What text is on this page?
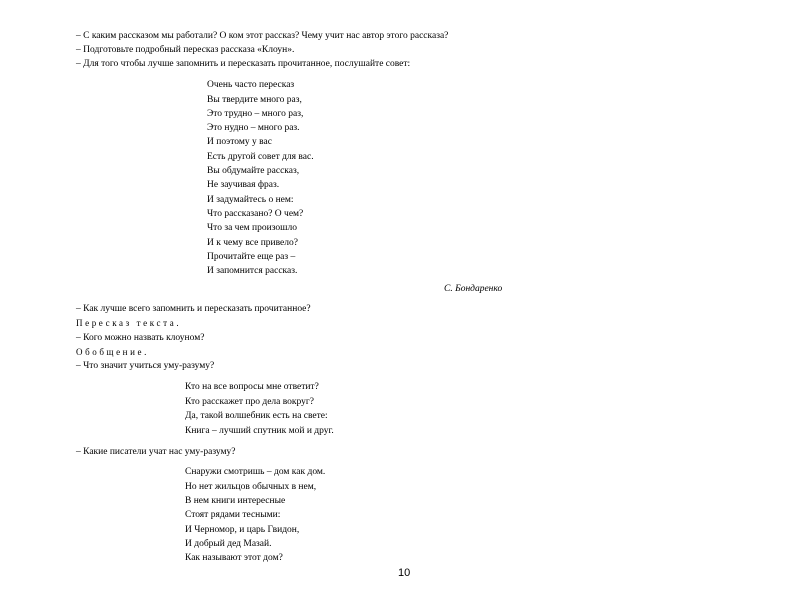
– С каким рассказом мы работали? О ком этот рассказ? Чему учит нас автор этого рассказа?
– Подготовьте подробный пересказ рассказа «Клоун».
– Для того чтобы лучше запомнить и пересказать прочитанное, послушайте совет:
Очень часто пересказ
Вы твердите много раз,
Это трудно – много раз,
Это нудно – много раз.
И поэтому у вас
Есть другой совет для вас.
Вы обдумайте рассказ,
Не заучивая фраз.
И задумайтесь о нем:
Что рассказано? О чем?
Что за чем произошло
И к чему все привело?
Прочитайте еще раз –
И запомнится рассказ.
С. Бондаренко
– Как лучше всего запомнить и пересказать прочитанное?
Пересказ текста.
– Кого можно назвать клоуном?
Обобщение.
– Что значит учиться уму-разуму?
Кто на все вопросы мне ответит?
Кто расскажет про дела вокруг?
Да, такой волшебник есть на свете:
Книга – лучший спутник мой и друг.
– Какие писатели учат нас уму-разуму?
Снаружи смотришь – дом как дом.
Но нет жильцов обычных в нем,
В нем книги интересные
Стоят рядами тесными:
И Черномор, и царь Гвидон,
И добрый дед Мазай.
Как называют этот дом?
10
